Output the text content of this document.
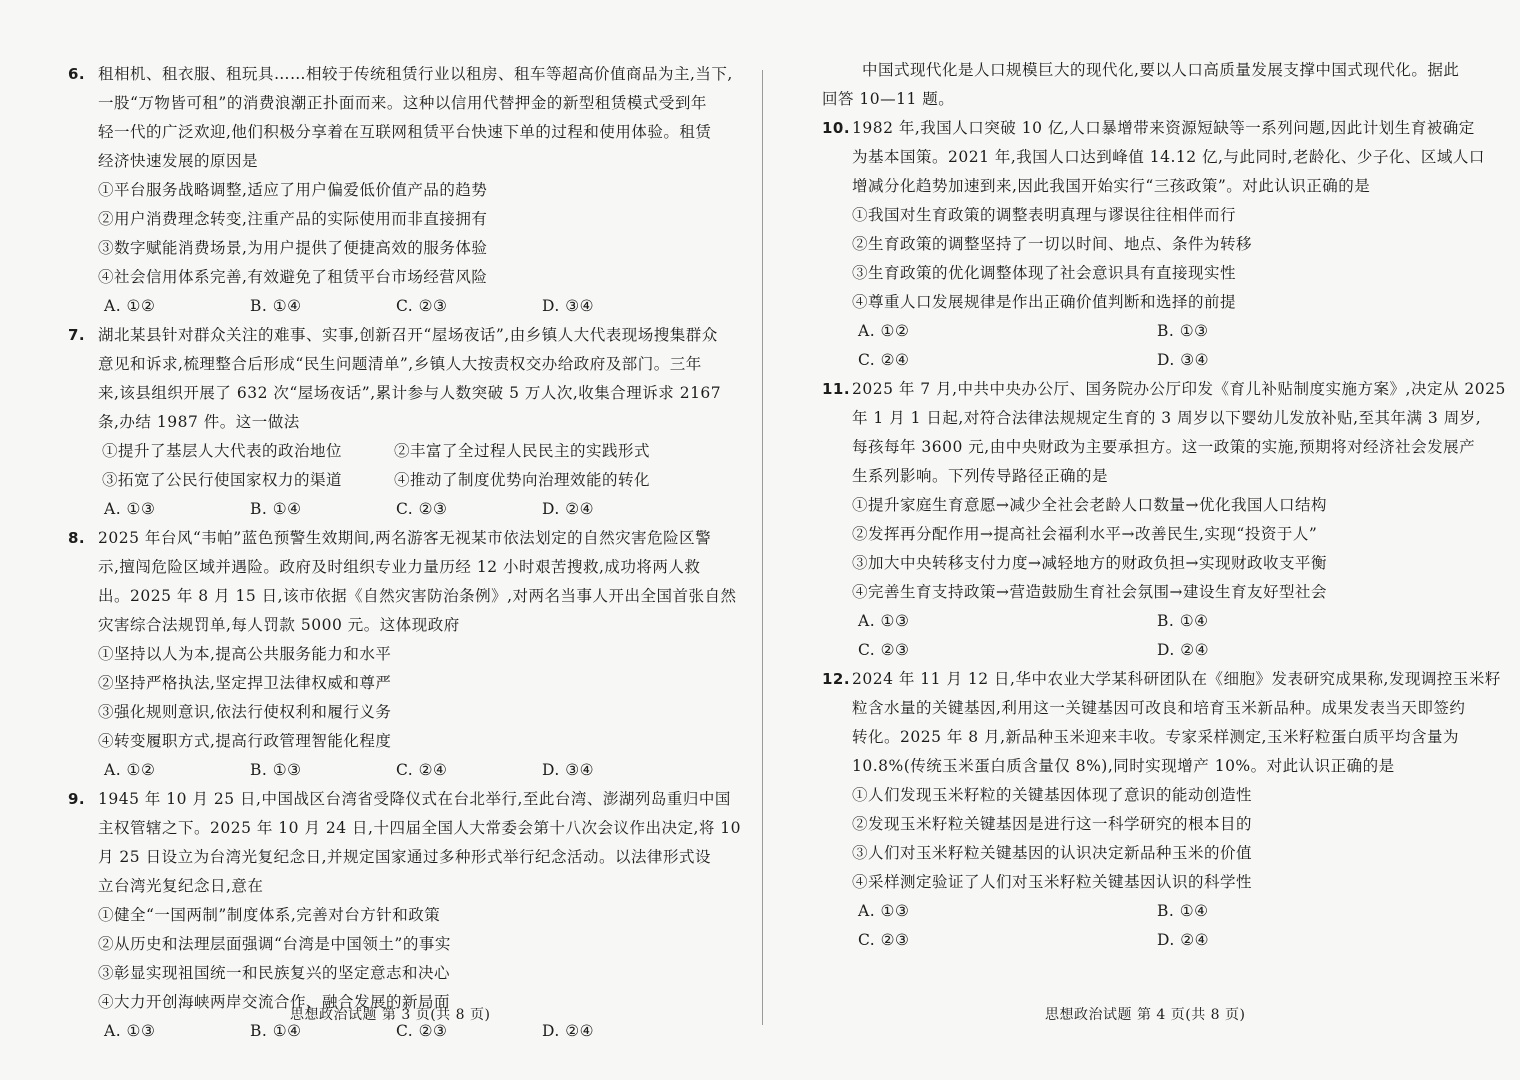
6. 租相机、租衣服、租玩具……相较于传统租赁行业以租房、租车等超高价值商品为主,当下,
一股“万物皆可租”的消费浪潮正扑面而来。这种以信用代替押金的新型租赁模式受到年
轻一代的广泛欢迎,他们积极分享着在互联网租赁平台快速下单的过程和使用体验。租赁
经济快速发展的原因是
①平台服务战略调整,适应了用户偏爱低价值产品的趋势
②用户消费理念转变,注重产品的实际使用而非直接拥有
③数字赋能消费场景,为用户提供了便捷高效的服务体验
④社会信用体系完善,有效避免了租赁平台市场经营风险
A. ①②	B. ①④	C. ②③	D. ③④
7. 湖北某县针对群众关注的难事、实事,创新召开“屋场夜话”,由乡镇人大代表现场搜集群众
意见和诉求,梳理整合后形成“民生问题清单”,乡镇人大按责权交办给政府及部门。三年
来,该县组织开展了 632 次“屋场夜话”,累计参与人数突破 5 万人次,收集合理诉求 2167
条,办结 1987 件。这一做法
①提升了基层人大代表的政治地位	②丰富了全过程人民民主的实践形式
③拓宽了公民行使国家权力的渠道	④推动了制度优势向治理效能的转化
A. ①③	B. ①④	C. ②③	D. ②④
8. 2025 年台风“韦帕”蓝色预警生效期间,两名游客无视某市依法划定的自然灾害危险区警
示,擅闯危险区域并遇险。政府及时组织专业力量历经 12 小时艰苦搜救,成功将两人救
出。2025 年 8 月 15 日,该市依据《自然灾害防治条例》,对两名当事人开出全国首张自然
灾害综合法规罚单,每人罚款 5000 元。这体现政府
①坚持以人为本,提高公共服务能力和水平
②坚持严格执法,坚定捍卫法律权威和尊严
③强化规则意识,依法行使权利和履行义务
④转变履职方式,提高行政管理智能化程度
A. ①②	B. ①③	C. ②④	D. ③④
9. 1945 年 10 月 25 日,中国战区台湾省受降仪式在台北举行,至此台湾、澎湖列岛重归中国
主权管辖之下。2025 年 10 月 24 日,十四届全国人大常委会第十八次会议作出决定,将 10
月 25 日设立为台湾光复纪念日,并规定国家通过多种形式举行纪念活动。以法律形式设
立台湾光复纪念日,意在
①健全“一国两制”制度体系,完善对台方针和政策
②从历史和法理层面强调“台湾是中国领土”的事实
③彰显实现祖国统一和民族复兴的坚定意志和决心
④大力开创海峡两岸交流合作、融合发展的新局面
A. ①③	B. ①④	C. ②③	D. ②④
思想政治试题 第 3 页(共 8 页)
中国式现代化是人口规模巨大的现代化,要以人口高质量发展支撑中国式现代化。据此
回答 10—11 题。
10. 1982 年,我国人口突破 10 亿,人口暴增带来资源短缺等一系列问题,因此计划生育被确定
为基本国策。2021 年,我国人口达到峰值 14.12 亿,与此同时,老龄化、少子化、区域人口
增减分化趋势加速到来,因此我国开始实行“三孩政策”。对此认识正确的是
①我国对生育政策的调整表明真理与谬误往往相伴而行
②生育政策的调整坚持了一切以时间、地点、条件为转移
③生育政策的优化调整体现了社会意识具有直接现实性
④尊重人口发展规律是作出正确价值判断和选择的前提
A. ①②	B. ①③
C. ②④	D. ③④
11. 2025 年 7 月,中共中央办公厅、国务院办公厅印发《育儿补贴制度实施方案》,决定从 2025
年 1 月 1 日起,对符合法律法规规定生育的 3 周岁以下婴幼儿发放补贴,至其年满 3 周岁,
每孩每年 3600 元,由中央财政为主要承担方。这一政策的实施,预期将对经济社会发展产
生系列影响。下列传导路径正确的是
①提升家庭生育意愿→减少全社会老龄人口数量→优化我国人口结构
②发挥再分配作用→提高社会福利水平→改善民生,实现“投资于人”
③加大中央转移支付力度→减轻地方的财政负担→实现财政收支平衡
④完善生育支持政策→营造鼓励生育社会氛围→建设生育友好型社会
A. ①③	B. ①④
C. ②③	D. ②④
12. 2024 年 11 月 12 日,华中农业大学某科研团队在《细胞》发表研究成果称,发现调控玉米籽
粒含水量的关键基因,利用这一关键基因可改良和培育玉米新品种。成果发表当天即签约
转化。2025 年 8 月,新品种玉米迎来丰收。专家采样测定,玉米籽粒蛋白质平均含量为
10.8%(传统玉米蛋白质含量仅 8%),同时实现增产 10%。对此认识正确的是
①人们发现玉米籽粒的关键基因体现了意识的能动创造性
②发现玉米籽粒关键基因是进行这一科学研究的根本目的
③人们对玉米籽粒关键基因的认识决定新品种玉米的价值
④采样测定验证了人们对玉米籽粒关键基因认识的科学性
A. ①③	B. ①④
C. ②③	D. ②④
思想政治试题 第 4 页(共 8 页)
